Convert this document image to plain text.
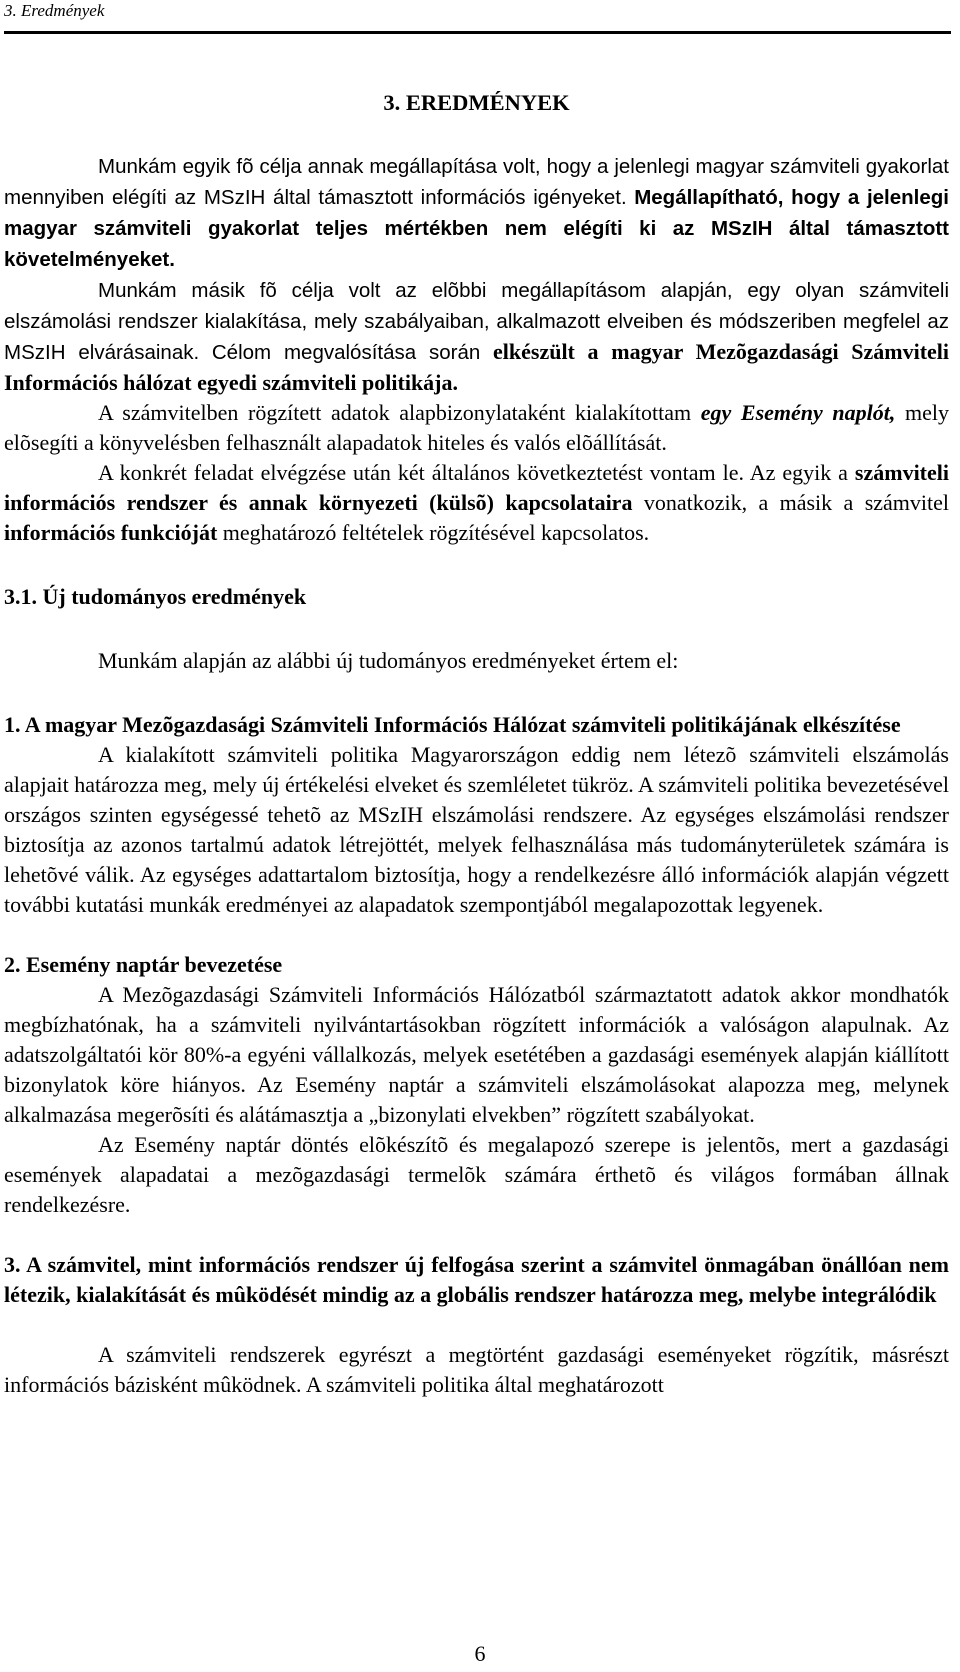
3. Eredmények
3. EREDMÉNYEK

Munkám egyik fõ célja annak megállapítása volt, hogy a jelenlegi magyar számviteli gyakorlat mennyiben elégíti az MSzIH által támasztott információs igényeket. Megállapítható, hogy a jelenlegi magyar számviteli gyakorlat teljes mértékben nem elégíti ki az MSzIH által támasztott követelményeket.

Munkám másik fõ célja volt az elõbbi megállapításom alapján, egy olyan számviteli elszámolási rendszer kialakítása, mely szabályaiban, alkalmazott elveiben és módszeriben megfelel az MSzIH elvárásainak. Célom megvalósítása során elkészült a magyar Mezõgazdasági Számviteli Információs hálózat egyedi számviteli politikája.

A számvitelben rögzített adatok alapbizonylataként kialakítottam egy Esemény naplót, mely elõsegíti a könyvelésben felhasznált alapadatok hiteles és valós elõállítását.

A konkrét feladat elvégzése után két általános következtetést vontam le. Az egyik a számviteli információs rendszer és annak környezeti (külsõ) kapcsolataira vonatkozik, a másik a számvitel információs funkcióját meghatározó feltételek rögzítésével kapcsolatos.

3.1. Új tudományos eredmények

Munkám alapján az alábbi új tudományos eredményeket értem el:

1. A magyar Mezõgazdasági Számviteli Információs Hálózat számviteli politikájának elkészítése

A kialakított számviteli politika Magyarországon eddig nem létezõ számviteli elszámolás alapjait határozza meg, mely új értékelési elveket és szemléletet tükröz. A számviteli politika bevezetésével országos szinten egységessé tehetõ az MSzIH elszámolási rendszere. Az egységes elszámolási rendszer biztosítja az azonos tartalmú adatok létrejöttét, melyek felhasználása más tudományterületek számára is lehetõvé válik. Az egységes adattartalom biztosítja, hogy a rendelkezésre álló információk alapján végzett további kutatási munkák eredményei az alapadatok szempontjából megalapozottak legyenek.

2. Esemény naptár bevezetése

A Mezõgazdasági Számviteli Információs Hálózatból származtatott adatok akkor mondhatók megbízhatónak, ha a számviteli nyilvántartásokban rögzített információk a valóságon alapulnak. Az adatszolgáltatói kör 80%-a egyéni vállalkozás, melyek esetétében a gazdasági események alapján kiállított bizonylatok köre hiányos. Az Esemény naptár a számviteli elszámolásokat alapozza meg, melynek alkalmazása megerõsíti és alátámasztja a „bizonylati elvekben” rögzített szabályokat.

Az Esemény naptár döntés elõkészítõ és megalapozó szerepe is jelentõs, mert a gazdasági események alapadatai a mezõgazdasági termelõk számára érthetõ és világos formában állnak rendelkezésre.

3. A számvitel, mint információs rendszer új felfogása szerint a számvitel önmagában önállóan nem létezik, kialakítását és mûködését mindig az a globális rendszer határozza meg, melybe integrálódik

A számviteli rendszerek egyrészt a megtörtént gazdasági eseményeket rögzítik, másrészt információs bázisként mûködnek. A számviteli politika által meghatározott

6
